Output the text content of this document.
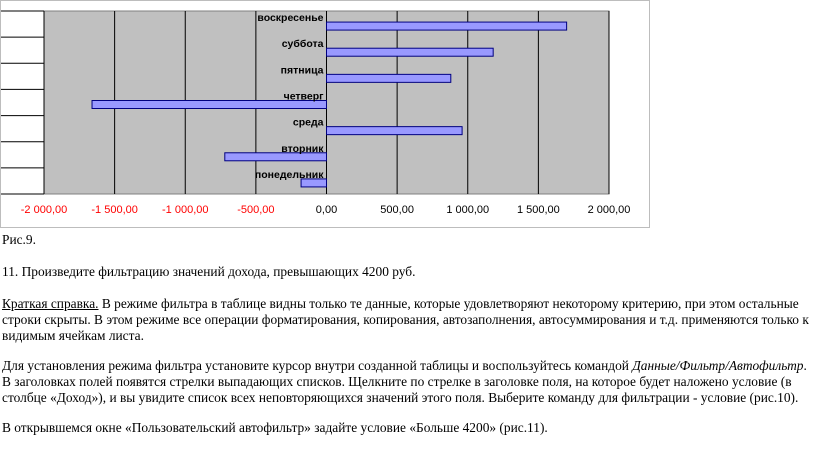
понедельник
вторник
среда
четверг
пятница
суббота
воскресенье
-2 000,00 -1 500,00 -1 000,00	-500,00	0,00	500,00	1 000,00	1 500,00	2 000,00
Рис.9.
11. Произведите фильтрацию значений дохода, превышающих 4200 руб.
Краткая справка. В режиме фильтра в таблице видны только те данные, которые удовлетворяют некоторому критерию, при этом остальные
строки скрыты. В этом режиме все операции форматирования, копирования, автозаполнения, автосуммирования и т.д. применяются только к
видимым ячейкам листа.
Для установления режима фильтра установите курсор внутри созданной таблицы и воспользуйтесь командой Данные/Фильтр/Автофильтр.
В заголовках полей появятся стрелки выпадающих списков. Щелкните по стрелке в заголовке поля, на которое будет наложено условие (в
столбце «Доход»), и вы увидите список всех неповторяющихся значений этого поля. Выберите команду для фильтрации - условие (рис.10).
В открывшемся окне «Пользовательский автофильтр» задайте условие «Больше 4200» (рис.11).
